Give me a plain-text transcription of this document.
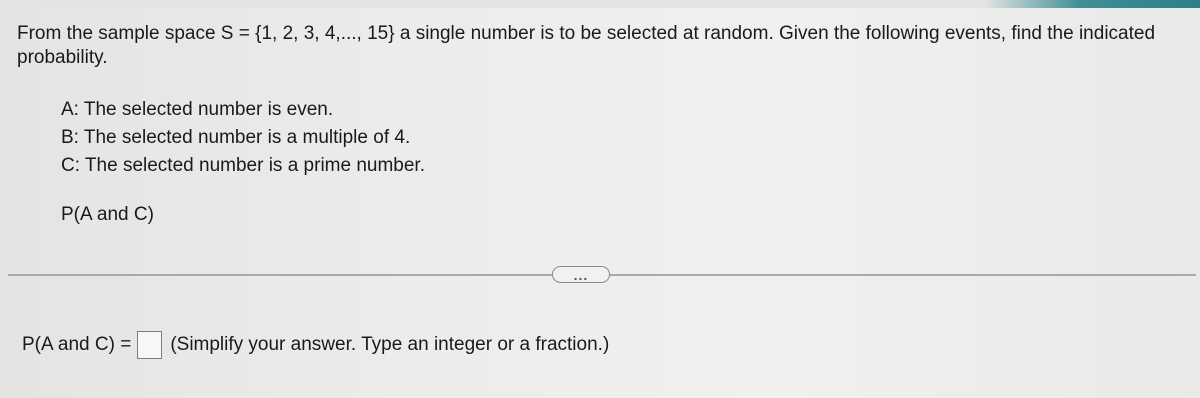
From the sample space S = {1, 2, 3, 4,..., 15} a single number is to be selected at random. Given the following events, find the indicated probability.
A: The selected number is even.
B: The selected number is a multiple of 4.
C: The selected number is a prime number.
P(A and C)
...
P(A and C) = (Simplify your answer. Type an integer or a fraction.)
